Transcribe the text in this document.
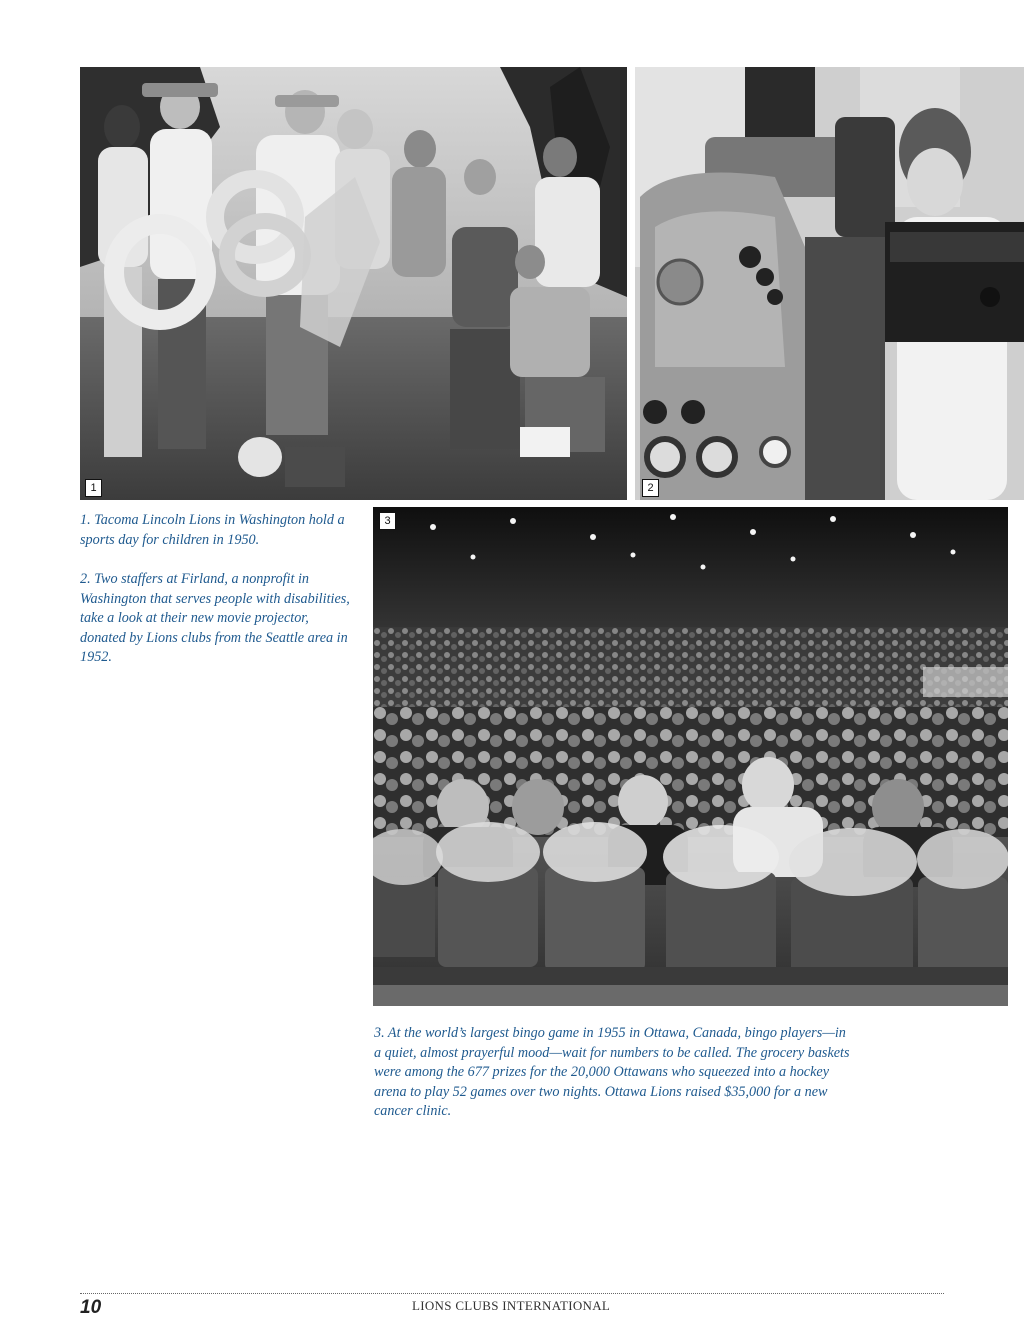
1	2

1. Tacoma Lincoln Lions in Washington hold a sports day for children in 1950.

2. Two staffers at Firland, a nonprofit in Washington that serves people with disabilities, take a look at their new movie projector, donated by Lions clubs from the Seattle area in 1952.

3

3. At the world’s largest bingo game in 1955 in Ottawa, Canada, bingo players—in a quiet, almost prayerful mood—wait for numbers to be called. The grocery baskets were among the 677 prizes for the 20,000 Ottawans who squeezed into a hockey arena to play 52 games over two nights. Ottawa Lions raised $35,000 for a new cancer clinic.

10	LIONS CLUBS INTERNATIONAL
